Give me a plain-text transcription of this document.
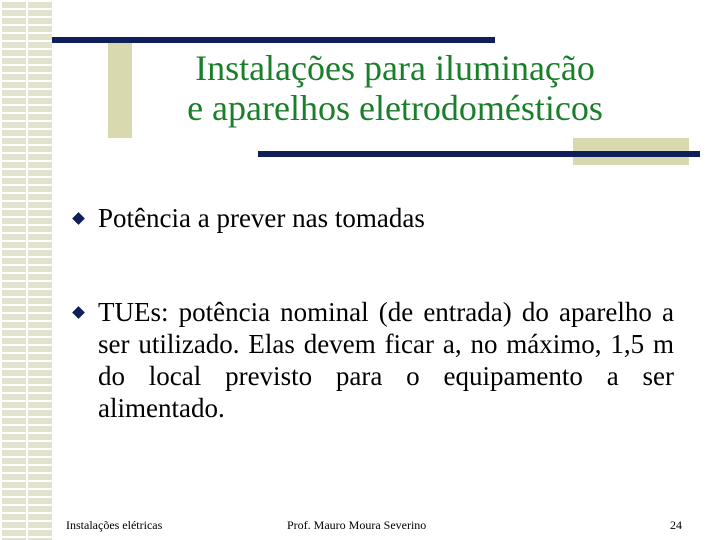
Instalações para iluminação
e aparelhos eletrodomésticos
Potência a prever nas tomadas
TUEs: potência nominal (de entrada) do aparelho a ser utilizado. Elas devem ficar a, no máximo, 1,5 m do local previsto para o equipamento a ser alimentado.
Instalações elétricas	Prof. Mauro Moura Severino	24
